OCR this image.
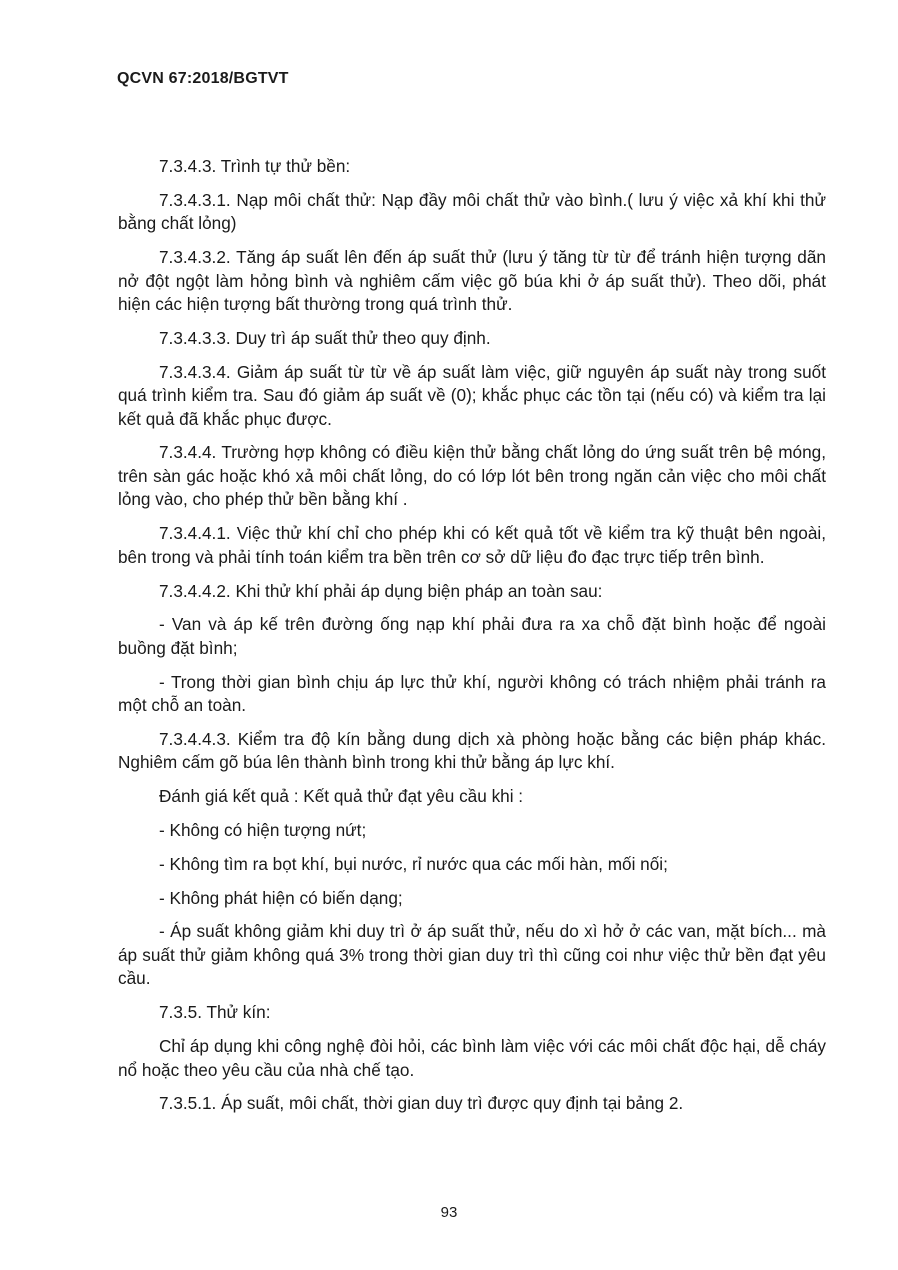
QCVN 67:2018/BGTVT

7.3.4.3. Trình tự thử bền:

7.3.4.3.1. Nạp môi chất thử: Nạp đầy môi chất thử vào bình.( lưu ý việc xả khí khi thử bằng chất lỏng)

7.3.4.3.2. Tăng áp suất lên đến áp suất thử (lưu ý tăng từ từ để tránh hiện tượng dãn nở đột ngột làm hỏng bình và nghiêm cấm việc gõ búa khi ở áp suất thử). Theo dõi, phát hiện các hiện tượng bất thường trong quá trình thử.

7.3.4.3.3. Duy trì áp suất thử theo quy định.

7.3.4.3.4. Giảm áp suất từ từ về áp suất làm việc, giữ nguyên áp suất này trong suốt quá trình kiểm tra. Sau đó giảm áp suất về (0); khắc phục các tồn tại (nếu có) và kiểm tra lại kết quả đã khắc phục được.

7.3.4.4. Trường hợp không có điều kiện thử bằng chất lỏng do ứng suất trên bệ móng, trên sàn gác hoặc khó xả môi chất lỏng, do có lớp lót bên trong ngăn cản việc cho môi chất lỏng vào, cho phép thử bền bằng khí .

7.3.4.4.1. Việc thử khí chỉ cho phép khi có kết quả tốt về kiểm tra kỹ thuật bên ngoài, bên trong và phải tính toán kiểm tra bền trên cơ sở dữ liệu đo đạc trực tiếp trên bình.

7.3.4.4.2. Khi thử khí phải áp dụng biện pháp an toàn sau:

- Van và áp kế trên đường ống nạp khí phải đưa ra xa chỗ đặt bình hoặc để ngoài buồng đặt bình;

- Trong thời gian bình chịu áp lực thử khí, người không có trách nhiệm phải tránh ra một chỗ an toàn.

7.3.4.4.3. Kiểm tra độ kín bằng dung dịch xà phòng hoặc bằng các biện pháp khác. Nghiêm cấm gõ búa lên thành bình trong khi thử bằng áp lực khí.

Đánh giá kết quả : Kết quả thử đạt yêu cầu khi :

- Không có hiện tượng nứt;

- Không tìm ra bọt khí, bụi nước, rỉ nước qua các mối hàn, mối nối;

- Không phát hiện có biến dạng;

- Áp suất không giảm khi duy trì ở áp suất thử, nếu do xì hở ở các van, mặt bích... mà áp suất thử giảm không quá 3% trong thời gian duy trì thì cũng coi như việc thử bền đạt yêu cầu.

7.3.5. Thử kín:

Chỉ áp dụng khi công nghệ đòi hỏi, các bình làm việc với các môi chất độc hại, dễ cháy nổ hoặc theo yêu cầu của nhà chế tạo.

7.3.5.1. Áp suất, môi chất, thời gian duy trì được quy định tại bảng 2.

93
